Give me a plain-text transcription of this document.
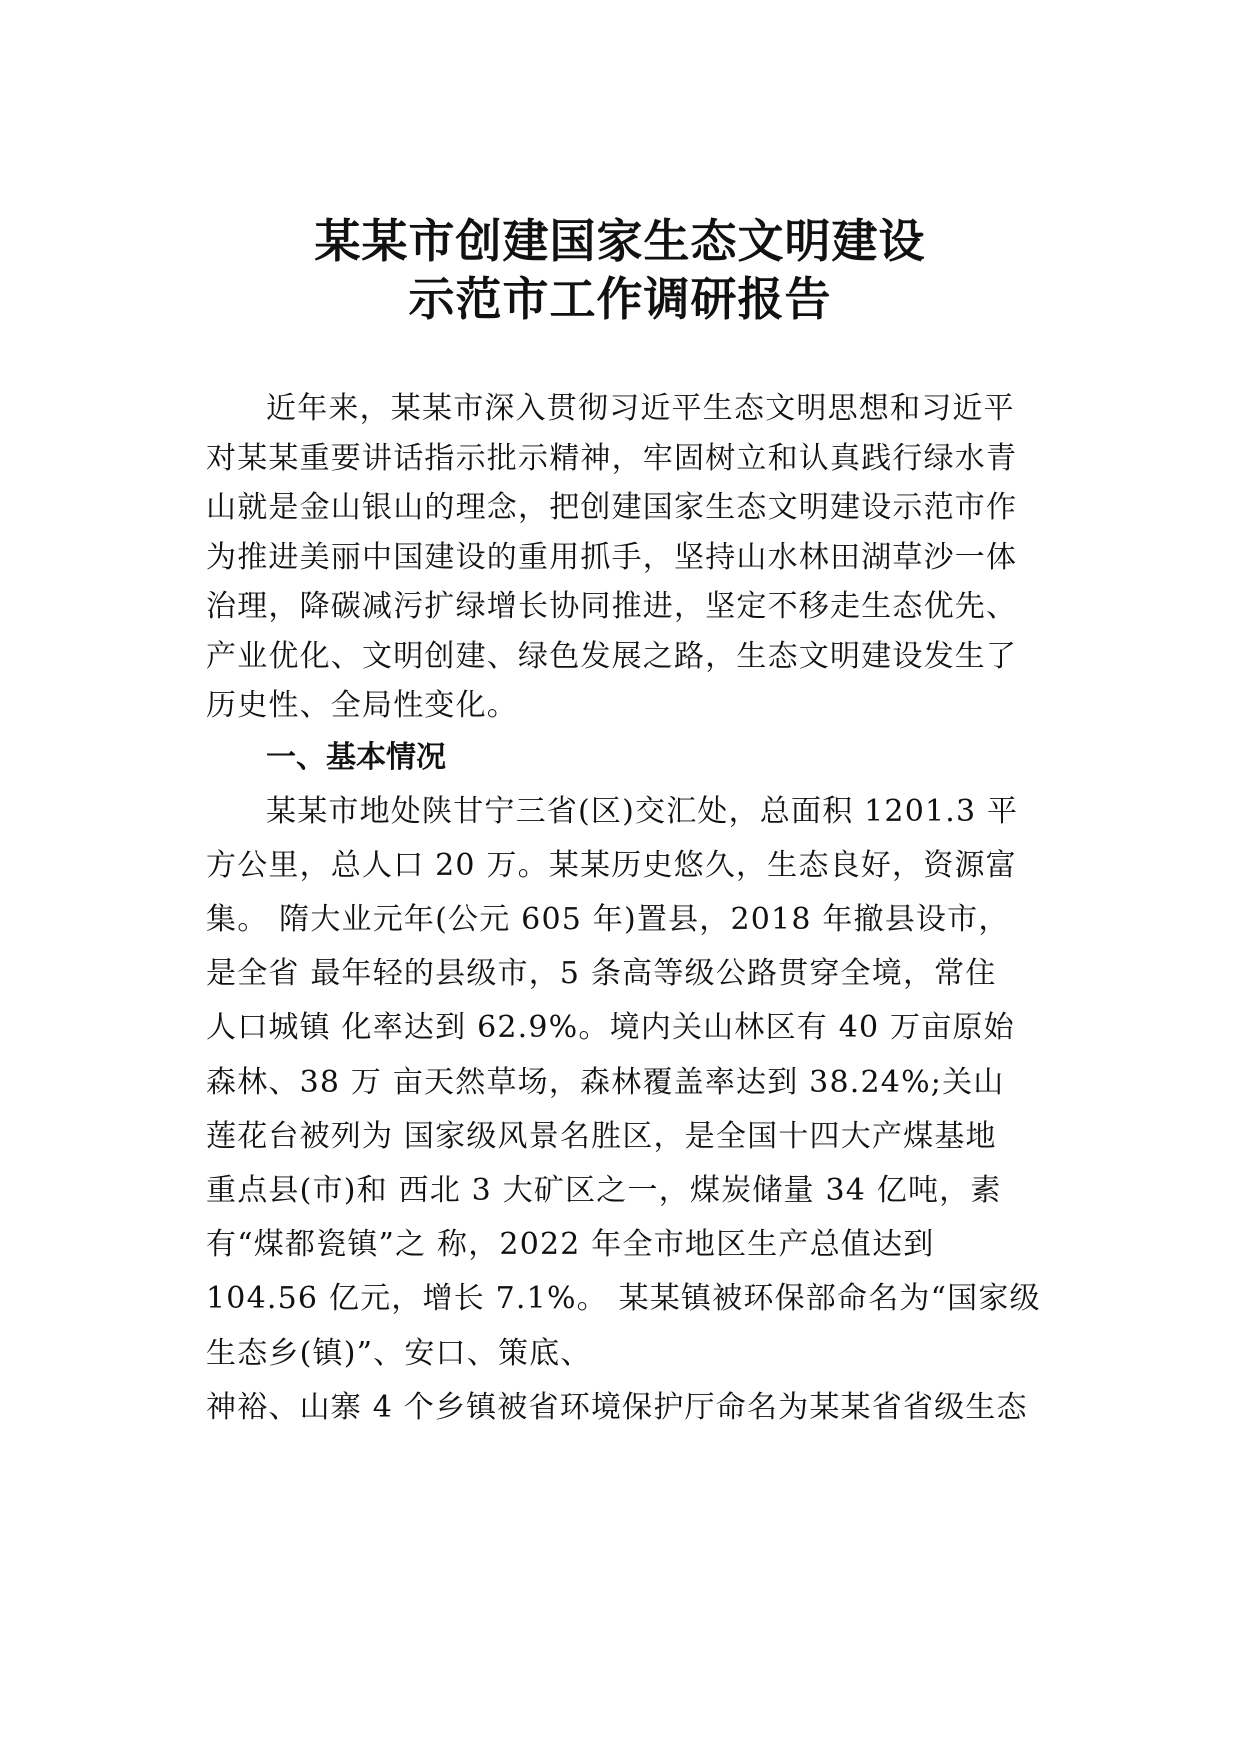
某某市创建国家生态文明建设
示范市工作调研报告
近年来，某某市深入贯彻习近平生态文明思想和习近平
对某某重要讲话指示批示精神，牢固树立和认真践行绿水青
山就是金山银山的理念，把创建国家生态文明建设示范市作
为推进美丽中国建设的重用抓手，坚持山水林田湖草沙一体
治理，降碳减污扩绿增长协同推进，坚定不移走生态优先、
产业优化、文明创建、绿色发展之路，生态文明建设发生了
历史性、全局性变化。
一、基本情况
某某市地处陕甘宁三省(区)交汇处，总面积 1201.3 平
方公里，总人口 20 万。某某历史悠久，生态良好，资源富
集。 隋大业元年(公元 605 年)置县，2018 年撤县设市，
是全省 最年轻的县级市，5 条高等级公路贯穿全境，常住
人口城镇 化率达到 62.9%。境内关山林区有 40 万亩原始
森林、38 万 亩天然草场，森林覆盖率达到 38.24%;关山
莲花台被列为 国家级风景名胜区，是全国十四大产煤基地
重点县(市)和 西北 3 大矿区之一，煤炭储量 34 亿吨，素
有“煤都瓷镇”之 称，2022 年全市地区生产总值达到
104.56 亿元，增长 7.1%。 某某镇被环保部命名为“国家级
生态乡(镇)”、安口、策底、
神裕、山寨 4 个乡镇被省环境保护厅命名为某某省省级生态
